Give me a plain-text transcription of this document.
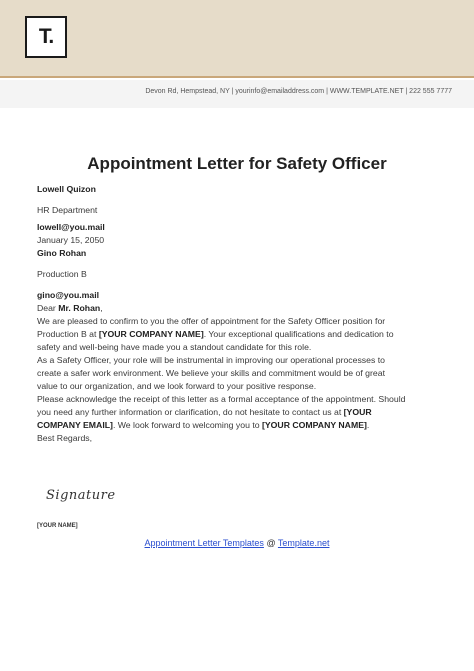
T.
Devon Rd, Hempstead, NY | yourinfo@emailaddress.com | WWW.TEMPLATE.NET | 222 555 7777
Appointment Letter for Safety Officer
Lowell Quizon
HR Department
lowell@you.mail
January 15, 2050
Gino Rohan
Production B
gino@you.mail
Dear Mr. Rohan,
We are pleased to confirm to you the offer of appointment for the Safety Officer position for
Production B at [YOUR COMPANY NAME]. Your exceptional qualifications and dedication to
safety and well-being have made you a standout candidate for this role.
As a Safety Officer, your role will be instrumental in improving our operational processes to
create a safer work environment. We believe your skills and commitment would be of great
value to our organization, and we look forward to your positive response.
Please acknowledge the receipt of this letter as a formal acceptance of the appointment. Should
you need any further information or clarification, do not hesitate to contact us at [YOUR
COMPANY EMAIL]. We look forward to welcoming you to [YOUR COMPANY NAME].
Best Regards,
Signature
[YOUR NAME]
Appointment Letter Templates @ Template.net
